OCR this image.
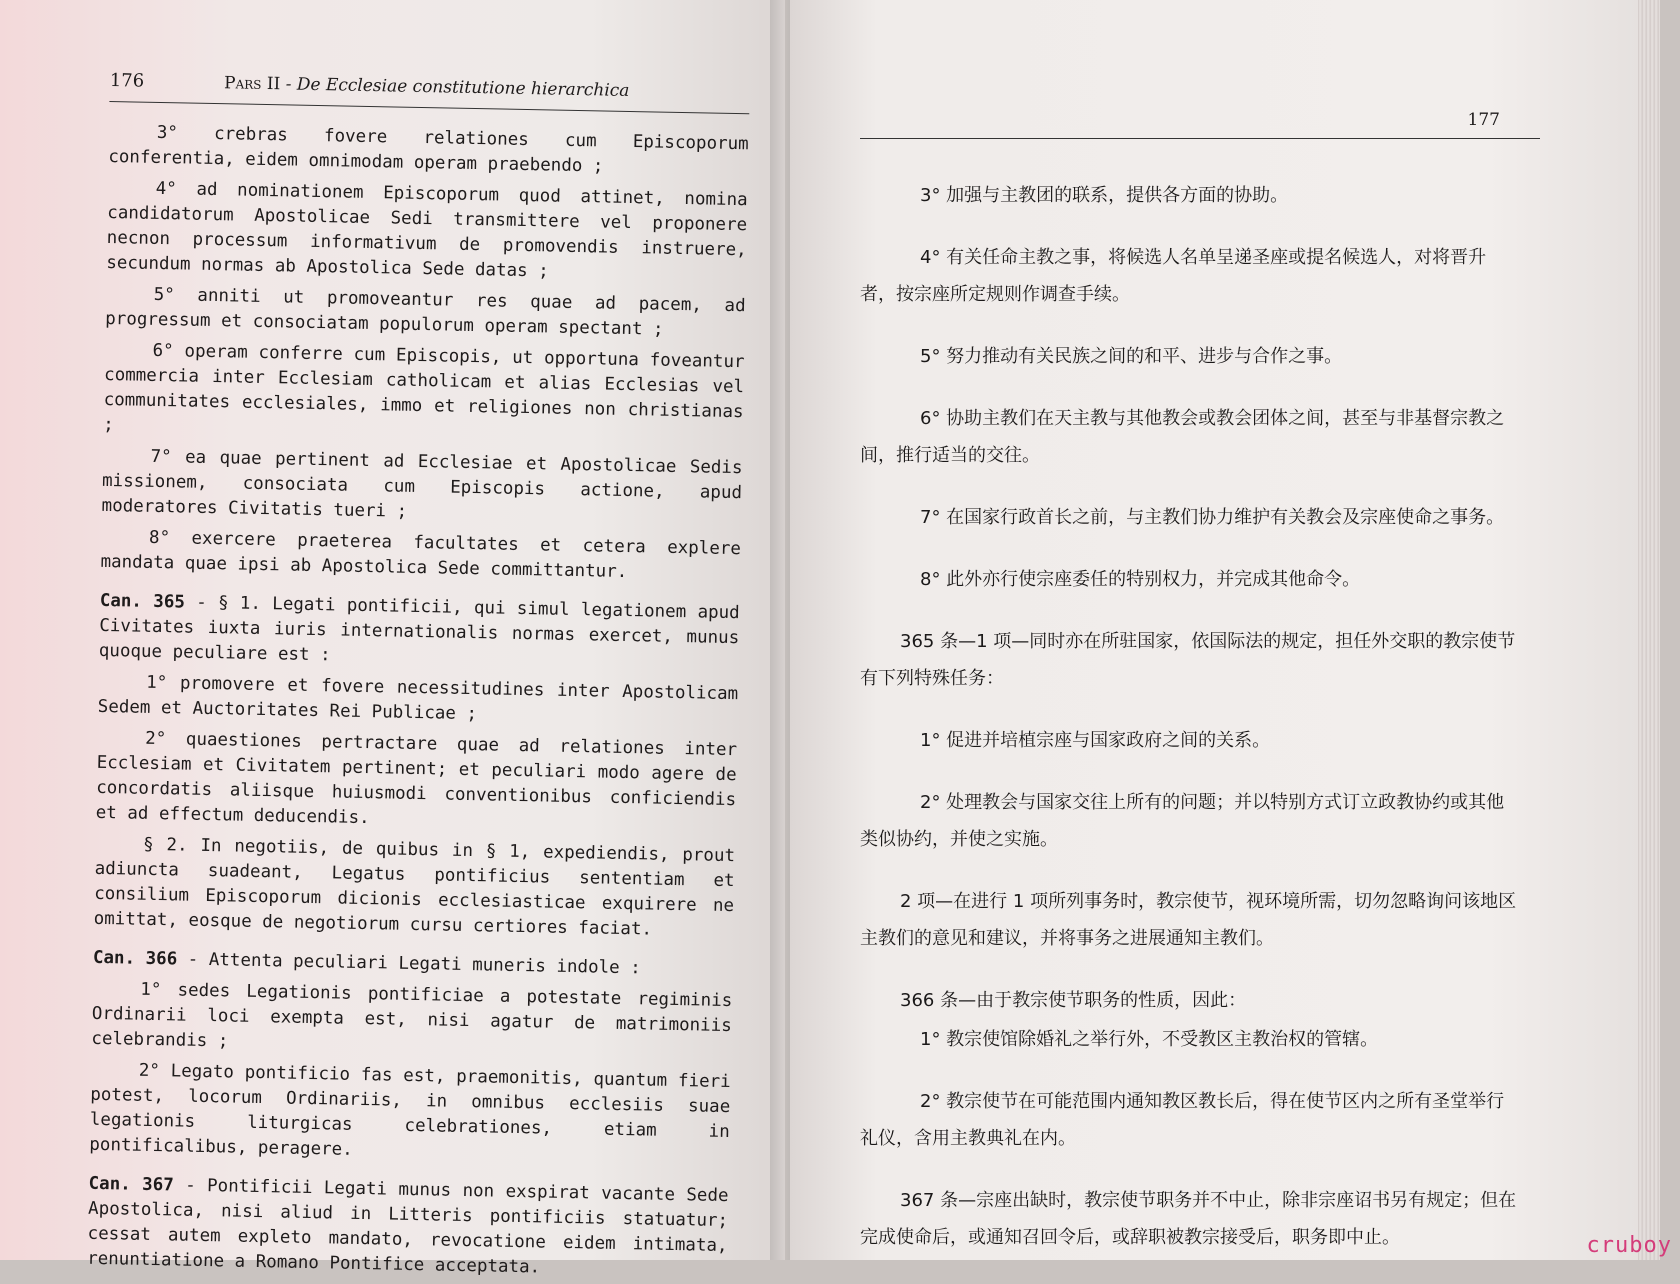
176	Pars II - De Ecclesiae constitutione hierarchica

3° crebras fovere relationes cum Episcoporum conferentia, eidem omnimodam operam praebendo ;

4° ad nominationem Episcoporum quod attinet, nomina candidatorum Apostolicae Sedi transmittere vel proponere necnon processum informativum de promovendis instruere, secundum normas ab Apostolica Sede datas ;

5° anniti ut promoveantur res quae ad pacem, ad progressum et consociatam populorum operam spectant ;

6° operam conferre cum Episcopis, ut opportuna foveantur commercia inter Ecclesiam catholicam et alias Ecclesias vel communitates ecclesiales, immo et religiones non christianas ;

7° ea quae pertinent ad Ecclesiae et Apostolicae Sedis missionem, consociata cum Episcopis actione, apud moderatores Civitatis tueri ;

8° exercere praeterea facultates et cetera explere mandata quae ipsi ab Apostolica Sede committantur.

Can. 365 - § 1. Legati pontificii, qui simul legationem apud Civitates iuxta iuris internationalis normas exercet, munus quoque peculiare est :

1° promovere et fovere necessitudines inter Apostolicam Sedem et Auctoritates Rei Publicae ;

2° quaestiones pertractare quae ad relationes inter Ecclesiam et Civitatem pertinent; et peculiari modo agere de concordatis aliisque huiusmodi conventionibus conficiendis et ad effectum deducendis.

§ 2. In negotiis, de quibus in § 1, expediendis, prout adiuncta suadeant, Legatus pontificius sententiam et consilium Episcoporum dicionis ecclesiasticae exquirere ne omittat, eosque de negotiorum cursu certiores faciat.

Can. 366 - Attenta peculiari Legati muneris indole :

1° sedes Legationis pontificiae a potestate regiminis Ordinarii loci exempta est, nisi agatur de matrimoniis celebrandis ;

2° Legato pontificio fas est, praemonitis, quantum fieri potest, locorum Ordinariis, in omnibus ecclesiis suae legationis liturgicas celebrationes, etiam in pontificalibus, peragere.

Can. 367 - Pontificii Legati munus non exspirat vacante Sede Apostolica, nisi aliud in Litteris pontificiis statuatur; cessat autem expleto mandato, revocatione eidem intimata, renuntiatione a Romano Pontifice acceptata.

177

3° 加强与主教团的联系，提供各方面的协助。

4° 有关任命主教之事，将候选人名单呈递圣座或提名候选人，对将晋升者，按宗座所定规则作调查手续。

5° 努力推动有关民族之间的和平、进步与合作之事。

6° 协助主教们在天主教与其他教会或教会团体之间，甚至与非基督宗教之间，推行适当的交往。

7° 在国家行政首长之前，与主教们协力维护有关教会及宗座使命之事务。

8° 此外亦行使宗座委任的特别权力，并完成其他命令。

365 条—1 项—同时亦在所驻国家，依国际法的规定，担任外交职的教宗使节有下列特殊任务：

1° 促进并培植宗座与国家政府之间的关系。

2° 处理教会与国家交往上所有的问题；并以特别方式订立政教协约或其他类似协约，并使之实施。

2 项—在进行 1 项所列事务时，教宗使节，视环境所需，切勿忽略询问该地区主教们的意见和建议，并将事务之进展通知主教们。

366 条—由于教宗使节职务的性质，因此：

1° 教宗使馆除婚礼之举行外，不受教区主教治权的管辖。

2° 教宗使节在可能范围内通知教区教长后，得在使节区内之所有圣堂举行礼仪，含用主教典礼在内。

367 条—宗座出缺时，教宗使节职务并不中止，除非宗座诏书另有规定；但在完成使命后，或通知召回令后，或辞职被教宗接受后，职务即中止。	cruboy
